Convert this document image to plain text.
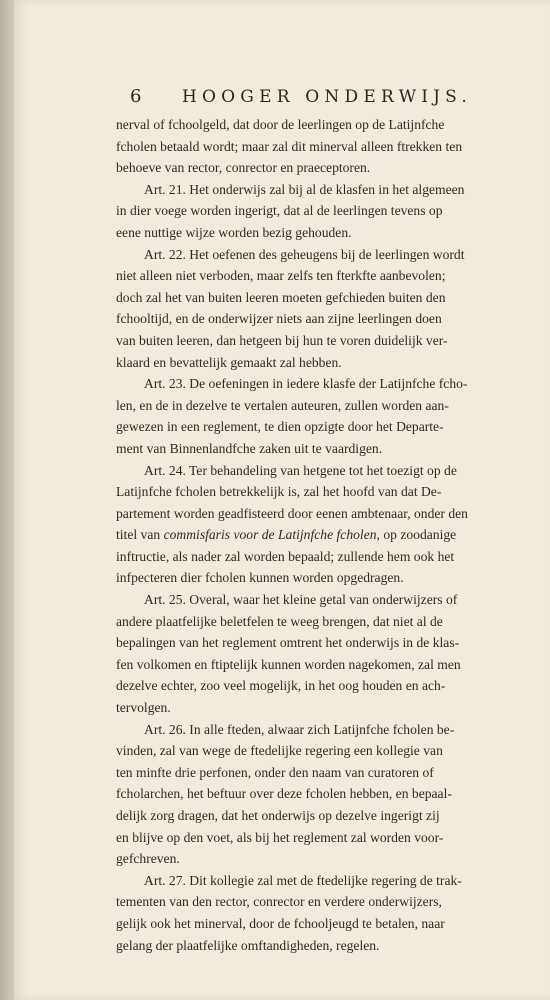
6 HOOGER ONDERWIJS.

nerval of fchoolgeld, dat door de leerlingen op de Latijnfche
fcholen betaald wordt; maar zal dit minerval alleen ftrekken ten
behoeve van rector, conrector en praeceptoren.

Art. 21. Het onderwijs zal bij al de klasfen in het algemeen
in dier voege worden ingerigt, dat al de leerlingen tevens op
eene nuttige wijze worden bezig gehouden.

Art. 22. Het oefenen des geheugens bij de leerlingen wordt
niet alleen niet verboden, maar zelfs ten fterkfte aanbevolen;
doch zal het van buiten leeren moeten gefchieden buiten den
fchooltijd, en de onderwijzer niets aan zijne leerlingen doen
van buiten leeren, dan hetgeen bij hun te voren duidelijk ver-
klaard en bevattelijk gemaakt zal hebben.

Art. 23. De oefeningen in iedere klasfe der Latijnfche fcho-
len, en de in dezelve te vertalen auteuren, zullen worden aan-
gewezen in een reglement, te dien opzigte door het Departe-
ment van Binnenlandfche zaken uit te vaardigen.

Art. 24. Ter behandeling van hetgene tot het toezigt op de
Latijnfche fcholen betrekkelijk is, zal het hoofd van dat De-
partement worden geadfisteerd door eenen ambtenaar, onder den
titel van commisfaris voor de Latijnfche fcholen, op zoodanige
inftructie, als nader zal worden bepaald; zullende hem ook het
infpecteren dier fcholen kunnen worden opgedragen.

Art. 25. Overal, waar het kleine getal van onderwijzers of
andere plaatfelijke beletfelen te weeg brengen, dat niet al de
bepalingen van het reglement omtrent het onderwijs in de klas-
fen volkomen en ftiptelijk kunnen worden nagekomen, zal men
dezelve echter, zoo veel mogelijk, in het oog houden en ach-
tervolgen.

Art. 26. In alle fteden, alwaar zich Latijnfche fcholen be-
vinden, zal van wege de ftedelijke regering een kollegie van
ten minfte drie perfonen, onder den naam van curatoren of
fcholarchen, het beftuur over deze fcholen hebben, en bepaal-
delijk zorg dragen, dat het onderwijs op dezelve ingerigt zij
en blijve op den voet, als bij het reglement zal worden voor-
gefchreven.

Art. 27. Dit kollegie zal met de ftedelijke regering de trak-
tementen van den rector, conrector en verdere onderwijzers,
gelijk ook het minerval, door de fchooljeugd te betalen, naar
gelang der plaatfelijke omftandigheden, regelen.
